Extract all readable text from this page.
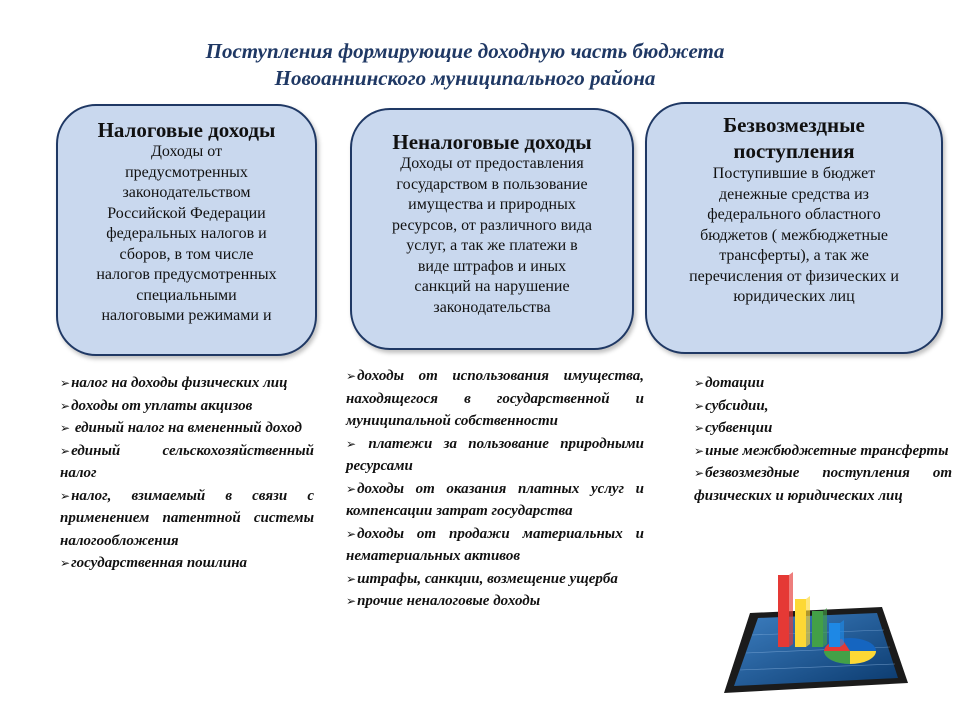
Поступления формирующие доходную часть бюджета
Новоаннинского муниципального района
Налоговые доходы
Доходы от
предусмотренных
законодательством
Российской Федерации
федеральных налогов и
сборов, в том числе
налогов предусмотренных
специальными
налоговыми режимами и
Неналоговые доходы
Доходы от предоставления
государством в пользование
имущества и природных
ресурсов, от различного вида
услуг, а так же платежи в
виде штрафов и иных
санкций на нарушение
законодательства
Безвозмездные
поступления
Поступившие в бюджет
денежные средства из
федерального областного
бюджетов ( межбюджетные
трансферты), а так же
перечисления от физических и
юридических лиц
➢налог на доходы физических лиц
➢доходы от уплаты акцизов
➢ единый налог на вмененный доход
➢единый сельскохозяйственный налог
➢налог, взимаемый в связи с применением патентной системы налогообложения
➢государственная пошлина
➢доходы от использования имущества, находящегося в государственной и муниципальной собственности
➢ платежи за пользование природными ресурсами
➢доходы от оказания платных услуг и компенсации затрат государства
➢доходы от продажи материальных и нематериальных активов
➢штрафы, санкции, возмещение ущерба
➢прочие неналоговые доходы
➢дотации
➢субсидии,
➢субвенции
➢иные межбюджетные трансферты
➢безвозмездные поступления от физических и юридических лиц
